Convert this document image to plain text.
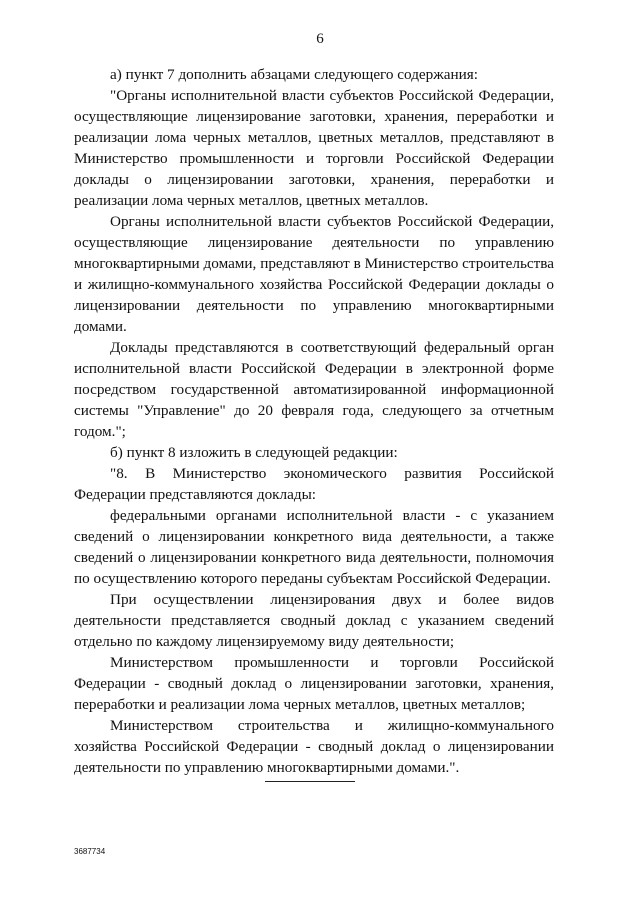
6

а) пункт 7 дополнить абзацами следующего содержания:

"Органы исполнительной власти субъектов Российской Федерации, осуществляющие лицензирование заготовки, хранения, переработки и реализации лома черных металлов, цветных металлов, представляют в Министерство промышленности и торговли Российской Федерации доклады о лицензировании заготовки, хранения, переработки и реализации лома черных металлов, цветных металлов.

Органы исполнительной власти субъектов Российской Федерации, осуществляющие лицензирование деятельности по управлению многоквартирными домами, представляют в Министерство строительства и жилищно-коммунального хозяйства Российской Федерации доклады о лицензировании деятельности по управлению многоквартирными домами.

Доклады представляются в соответствующий федеральный орган исполнительной власти Российской Федерации в электронной форме посредством государственной автоматизированной информационной системы "Управление" до 20 февраля года, следующего за отчетным годом.";

б) пункт 8 изложить в следующей редакции:

"8. В Министерство экономического развития Российской Федерации представляются доклады:

федеральными органами исполнительной власти - с указанием сведений о лицензировании конкретного вида деятельности, а также сведений о лицензировании конкретного вида деятельности, полномочия по осуществлению которого переданы субъектам Российской Федерации.

При осуществлении лицензирования двух и более видов деятельности представляется сводный доклад с указанием сведений отдельно по каждому лицензируемому виду деятельности;

Министерством промышленности и торговли Российской Федерации - сводный доклад о лицензировании заготовки, хранения, переработки и реализации лома черных металлов, цветных металлов;

Министерством строительства и жилищно-коммунального хозяйства Российской Федерации - сводный доклад о лицензировании деятельности по управлению многоквартирными домами.".

3687734
